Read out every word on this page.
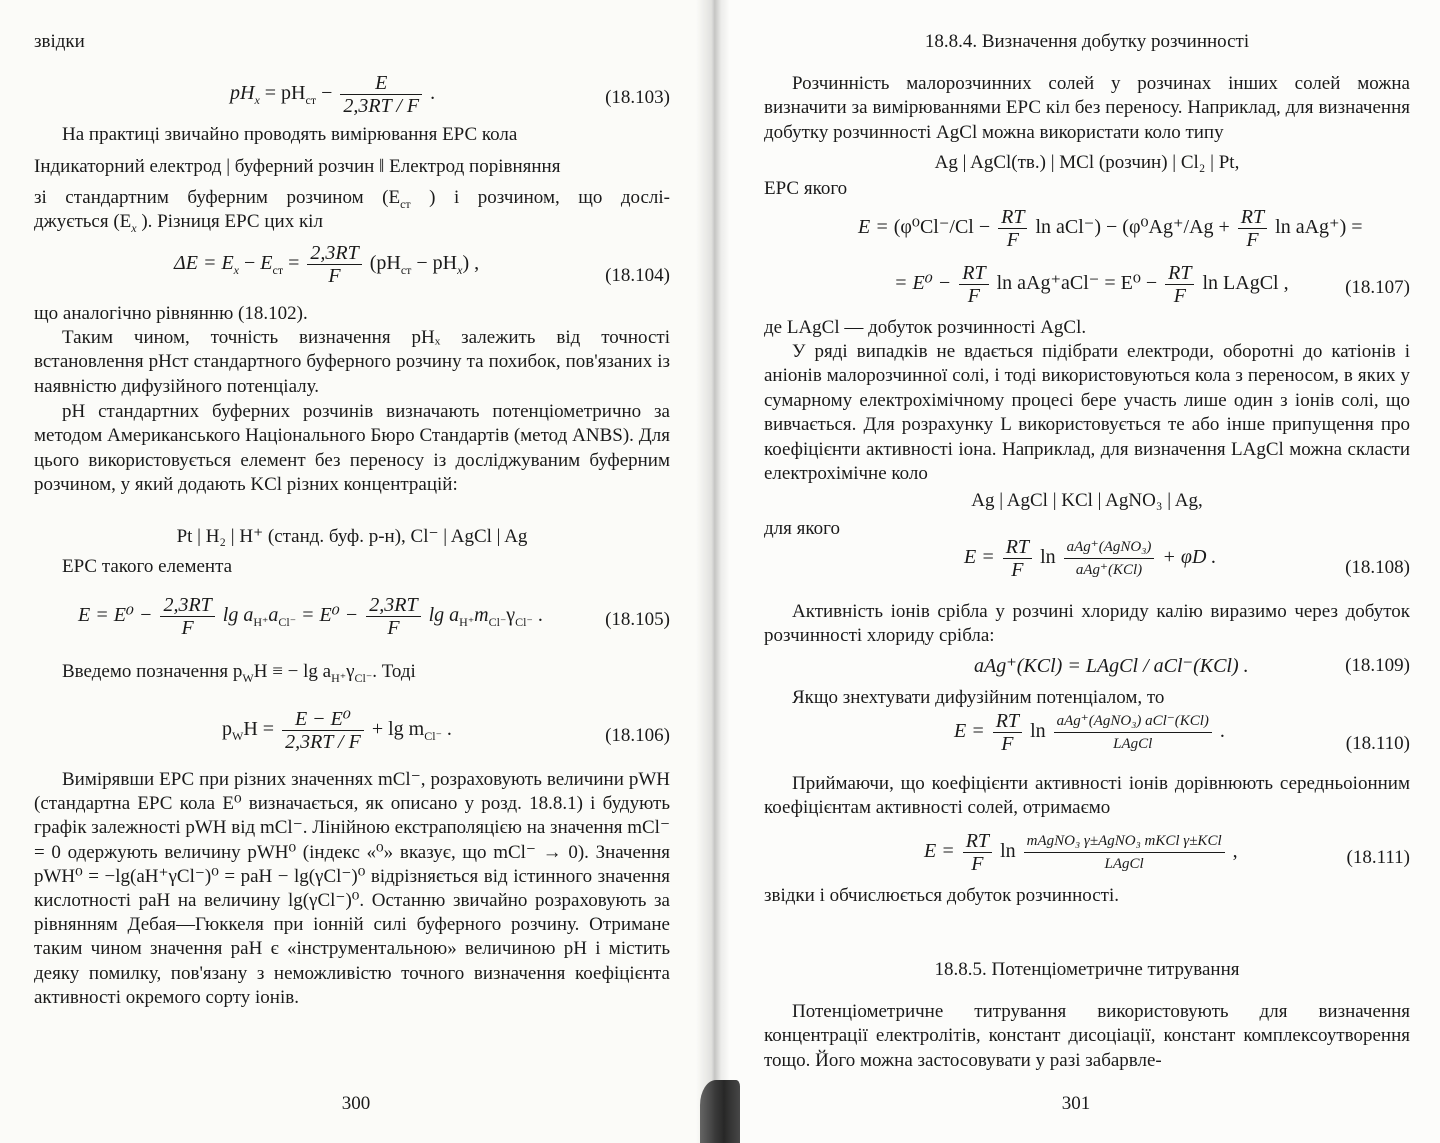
звідки
$pH_x = pH_{ст} - \frac{E}{2,3RT / F}$ .	(18.103)

На практиці звичайно проводять вимірювання ЕРС кола

Індикаторний електрод | буферний розчин ‖ Електрод порівняння
зі стандартним буферним розчином ($E_{ст}$ ) і розчином, що дослі-
джується ($E_x$ ). Різниця ЕРС цих кіл
$\Delta E = E_x - E_{ст} = \frac{2,3RT}{F} (pH_{ст} - pH_x)$ ,
(18.104)

що аналогічно рівнянню (18.102).

Таким чином, точність визначення pHₓ залежить від точності встановлення pHст стандартного буферного розчину та похибок, пов'язаних із наявністю дифузійного потенціалу.

pH стандартних буферних розчинів визначають потенціометрично за методом Американського Національного Бюро Стандартів (метод ANBS). Для цього використовується елемент без переносу із досліджуваним буферним розчином, у який додають KCl різних концентрацій:

Pt | H₂ | H⁺ (станд. буф. р-н), Cl⁻ | AgCl | Ag

ЕРС такого елемента

$E = E^0 - \frac{2,3RT}{F}$ $\lg a_{H^+}a_{Cl^-} = E^0 - \frac{2,3RT}{F}$ $\lg a_{H^+}m_{Cl^-}\gamma_{Cl^-}$ .	(18.105)
Введемо позначення $p_WH$ ≡ − $\lg a_{H^+}\gamma_{Cl^-}$. Тоді
$p_WH = \frac{\text{E − E⁰}}{2,3RT / F} + \lg m_{Cl^-}$ .	(18.106)

Вимірявши ЕРС при різних значеннях mCl⁻, розраховують величини pWH (стандартна ЕРС кола E⁰ визначається, як описано у розд. 18.8.1) і будують графік залежності pWH від mCl⁻. Лінійною екстраполяцією на значення mCl⁻ = 0 одержують величину pWH⁰ (індекс «⁰» вказує, що mCl⁻ → 0). Значення pWH⁰ = −lg(aH⁺γCl⁻)⁰ = paH − lg(γCl⁻)⁰ відрізняється від істинного значення кислотності paH на величину lg(γCl⁻)⁰. Останню звичайно розраховують за рівнянням Дебая—Гюккеля при іонній силі буферного розчину. Отримане таким чином значення paH є «інструментальною» величиною pH і містить деяку помилку, пов'язану з неможливістю точного визначення коефіцієнта активності окремого сорту іонів.

300
18.8.4. Визначення добутку розчинності

Розчинність малорозчинних солей у розчинах інших солей можна визначити за вимірюваннями ЕРС кіл без переносу. Наприклад, для визначення добутку розчинності AgCl можна використати коло типу

Ag | AgCl(тв.) | MCl (розчин) | Cl₂ | Pt,
ЕРС якого
$E = (\varphi^0Cl^-/Cl - \frac{RT}{F}$ $\ln aCl^-) - (\varphi^0Ag^+/Ag + \frac{RT}{F}$ ln aAg⁺) =
= $E^0 - \frac{RT}{F}$ $\ln aAg^+aCl^- = E^0 - \frac{RT}{F}$ ln LAgCl ,	(18.107)

де LAgCl — добуток розчинності AgCl.

У ряді випадків не вдається підібрати електроди, оборотні до катіонів і аніонів малорозчинної солі, і тоді використовуються кола з переносом, в яких у сумарному електрохімічному процесі бере участь лише один з іонів солі, що вивчається. Для розрахунку L використовується те або інше припущення про коефіцієнти активності іона. Наприклад, для визначення LAgCl можна скласти електрохімічне коло

Ag | AgCl | KCl | AgNO₃ | Ag,
для якого
$E = \frac{RT}{F}$ $\ln \frac{\text{aAg⁺(AgNO₃)}}{\text{aAg⁺(KCl)}} + \varphi D$ .	(18.108)

Активність іонів срібла у розчині хлориду калію виразимо через добуток розчинності хлориду срібла:

aAg⁺(KCl) = LAgCl / aCl⁻(KCl) .	(18.109)

Якщо знехтувати дифузійним потенціалом, то

$E = \frac{RT}{F}$ $\ln \frac{\text{aAg⁺(AgNO₃) aCl⁻(KCl)}}{\text{LAgCl}}$ .
(18.110)

Приймаючи, що коефіцієнти активності іонів дорівнюють середньоіонним коефіцієнтам активності солей, отримаємо

$E = \frac{RT}{F}$ $\ln \frac{\text{mAgNO₃ γ±AgNO₃ mKCl γ±KCl}}{\text{LAgCl}}$ ,	(18.111)

звідки і обчислюється добуток розчинності.

18.8.5. Потенціометричне титрування

Потенціометричне титрування використовують для визначення концентрації електролітів, констант дисоціації, констант комплексоутворення тощо. Його можна застосовувати у разі забарвле-

301
